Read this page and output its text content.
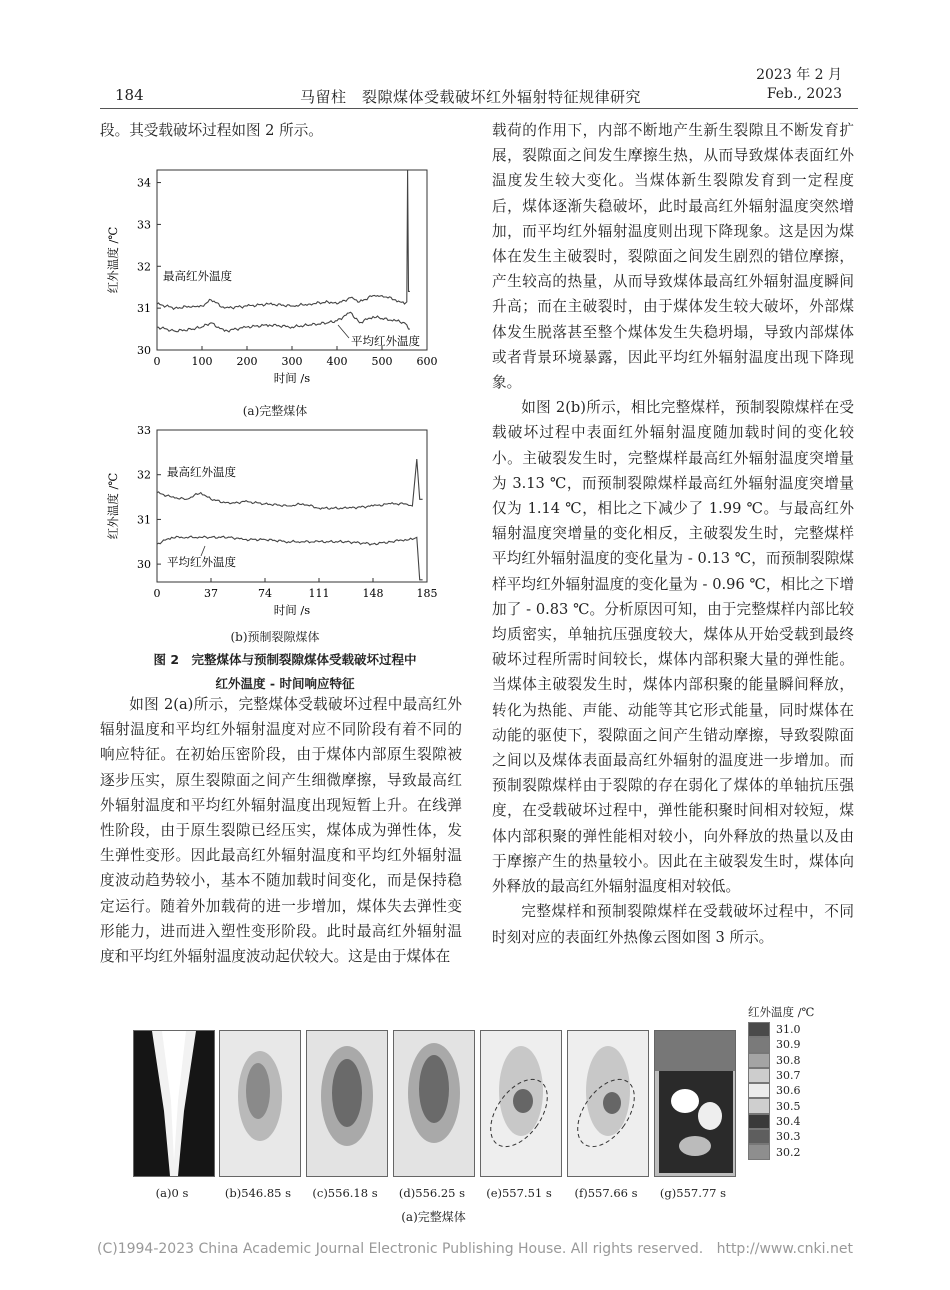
184	马留柱　裂隙煤体受载破坏红外辐射特征规律研究
2023 年 2 月
Feb., 2023

段。其受载破坏过程如图 2 所示。

0	100 200 300 400 500 600
30
31
32
33
34
时间 /s
红外温度 /℃	最高红外温度
平均红外温度
(a)完整煤体
0	37	74	111	148	185
30
31
32
33
时间 /s
红外温度 /℃
最高红外温度
平均红外温度
(b)预制裂隙煤体
图 2　完整煤体与预制裂隙煤体受载破坏过程中
红外温度 - 时间响应特征

如图 2(a)所示，完整煤体受载破坏过程中最高红外辐射温度和平均红外辐射温度对应不同阶段有着不同的响应特征。在初始压密阶段，由于煤体内部原生裂隙被逐步压实，原生裂隙面之间产生细微摩擦，导致最高红外辐射温度和平均红外辐射温度出现短暂上升。在线弹性阶段，由于原生裂隙已经压实，煤体成为弹性体，发生弹性变形。因此最高红外辐射温度和平均红外辐射温度波动趋势较小，基本不随加载时间变化，而是保持稳定运行。随着外加载荷的进一步增加，煤体失去弹性变形能力，进而进入塑性变形阶段。此时最高红外辐射温度和平均红外辐射温度波动起伏较大。这是由于煤体在

载荷的作用下，内部不断地产生新生裂隙且不断发育扩展，裂隙面之间发生摩擦生热，从而导致煤体表面红外温度发生较大变化。当煤体新生裂隙发育到一定程度后，煤体逐渐失稳破坏，此时最高红外辐射温度突然增加，而平均红外辐射温度则出现下降现象。这是因为煤体在发生主破裂时，裂隙面之间发生剧烈的错位摩擦，产生较高的热量，从而导致煤体最高红外辐射温度瞬间升高；而在主破裂时，由于煤体发生较大破坏，外部煤体发生脱落甚至整个煤体发生失稳坍塌，导致内部煤体或者背景环境暴露，因此平均红外辐射温度出现下降现象。

如图 2(b)所示，相比完整煤样，预制裂隙煤样在受载破坏过程中表面红外辐射温度随加载时间的变化较小。主破裂发生时，完整煤样最高红外辐射温度突增量为 3.13 ℃，而预制裂隙煤样最高红外辐射温度突增量仅为 1.14 ℃，相比之下减少了 1.99 ℃。与最高红外辐射温度突增量的变化相反，主破裂发生时，完整煤样平均红外辐射温度的变化量为 - 0.13 ℃，而预制裂隙煤样平均红外辐射温度的变化量为 - 0.96 ℃，相比之下增加了 - 0.83 ℃。分析原因可知，由于完整煤样内部比较均质密实，单轴抗压强度较大，煤体从开始受载到最终破坏过程所需时间较长，煤体内部积聚大量的弹性能。当煤体主破裂发生时，煤体内部积聚的能量瞬间释放，转化为热能、声能、动能等其它形式能量，同时煤体在动能的驱使下，裂隙面之间产生错动摩擦，导致裂隙面之间以及煤体表面最高红外辐射的温度进一步增加。而预制裂隙煤样由于裂隙的存在弱化了煤体的单轴抗压强度，在受载破坏过程中，弹性能积聚时间相对较短，煤体内部积聚的弹性能相对较小，向外释放的热量以及由于摩擦产生的热量较小。因此在主破裂发生时，煤体向外释放的最高红外辐射温度相对较低。

完整煤样和预制裂隙煤样在受载破坏过程中，不同时刻对应的表面红外热像云图如图 3 所示。

(a)0 s	(b)546.85 s	(c)556.18 s	(d)556.25 s	(e)557.51 s	(f)557.66 s	(g)557.77 s
(a)完整煤体
红外温度 /℃
31.0
30.9
30.8
30.7
30.6
30.5
30.4
30.3
30.2
(C)1994-2023 China Academic Journal Electronic Publishing House. All rights reserved. http://www.cnki.net
